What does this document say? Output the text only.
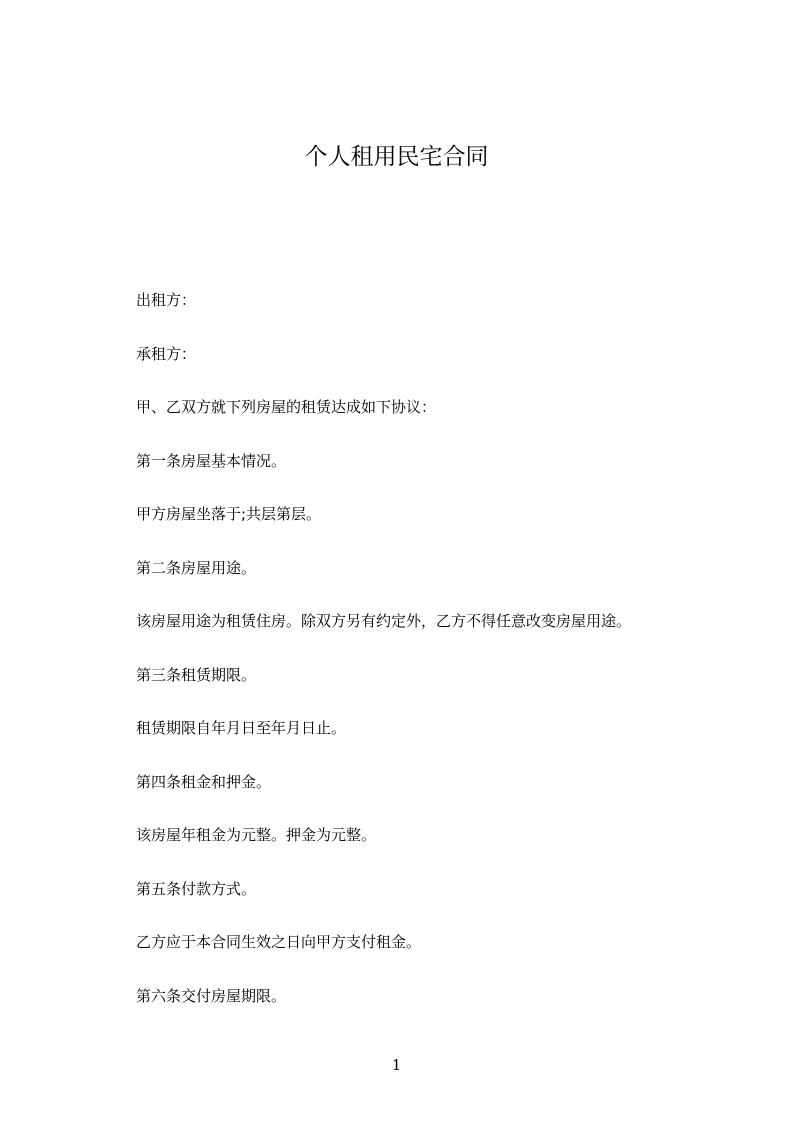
个人租用民宅合同
出租方：
承租方：
甲、乙双方就下列房屋的租赁达成如下协议：
第一条房屋基本情况。
甲方房屋坐落于;共层第层。
第二条房屋用途。
该房屋用途为租赁住房。除双方另有约定外，乙方不得任意改变房屋用途。
第三条租赁期限。
租赁期限自年月日至年月日止。
第四条租金和押金。
该房屋年租金为元整。押金为元整。
第五条付款方式。
乙方应于本合同生效之日向甲方支付租金。
第六条交付房屋期限。
1
